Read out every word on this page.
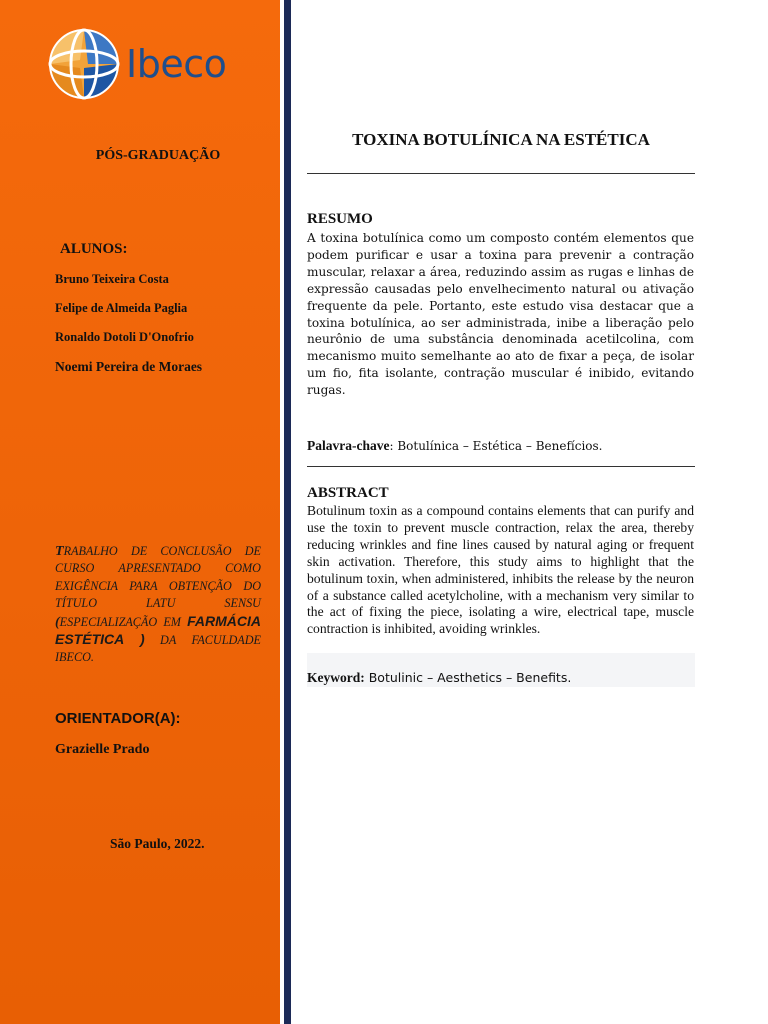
Ibeco
PÓS-GRADUAÇÃO
ALUNOS:
Bruno Teixeira Costa
Felipe de Almeida Paglia
Ronaldo Dotoli D'Onofrio
Noemi Pereira de Moraes
TRABALHO DE CONCLUSÃO DE CURSO APRESENTADO COMO EXIGÊNCIA PARA OBTENÇÃO DO TÍTULO LATU SENSU (ESPECIALIZAÇÃO EM FARMÁCIA ESTÉTICA ) DA FACULDADE IBECO.
ORIENTADOR(A):
Grazielle Prado
São Paulo, 2022.
TOXINA BOTULÍNICA NA ESTÉTICA
RESUMO
A toxina botulínica como um composto contém elementos que podem purificar e usar a toxina para prevenir a contração muscular, relaxar a área, reduzindo assim as rugas e linhas de expressão causadas pelo envelhecimento natural ou ativação frequente da pele. Portanto, este estudo visa destacar que a toxina botulínica, ao ser administrada, inibe a liberação pelo neurônio de uma substância denominada acetilcolina, com mecanismo muito semelhante ao ato de fixar a peça, de isolar um fio, fita isolante, contração muscular é inibido, evitando rugas.
Palavra-chave: Botulínica – Estética – Benefícios.
ABSTRACT
Botulinum toxin as a compound contains elements that can purify and use the toxin to prevent muscle contraction, relax the area, thereby reducing wrinkles and fine lines caused by natural aging or frequent skin activation. Therefore, this study aims to highlight that the botulinum toxin, when administered, inhibits the release by the neuron of a substance called acetylcholine, with a mechanism very similar to the act of fixing the piece, isolating a wire, electrical tape, muscle contraction is inhibited, avoiding wrinkles.
Keyword: Botulinic – Aesthetics – Benefits.
